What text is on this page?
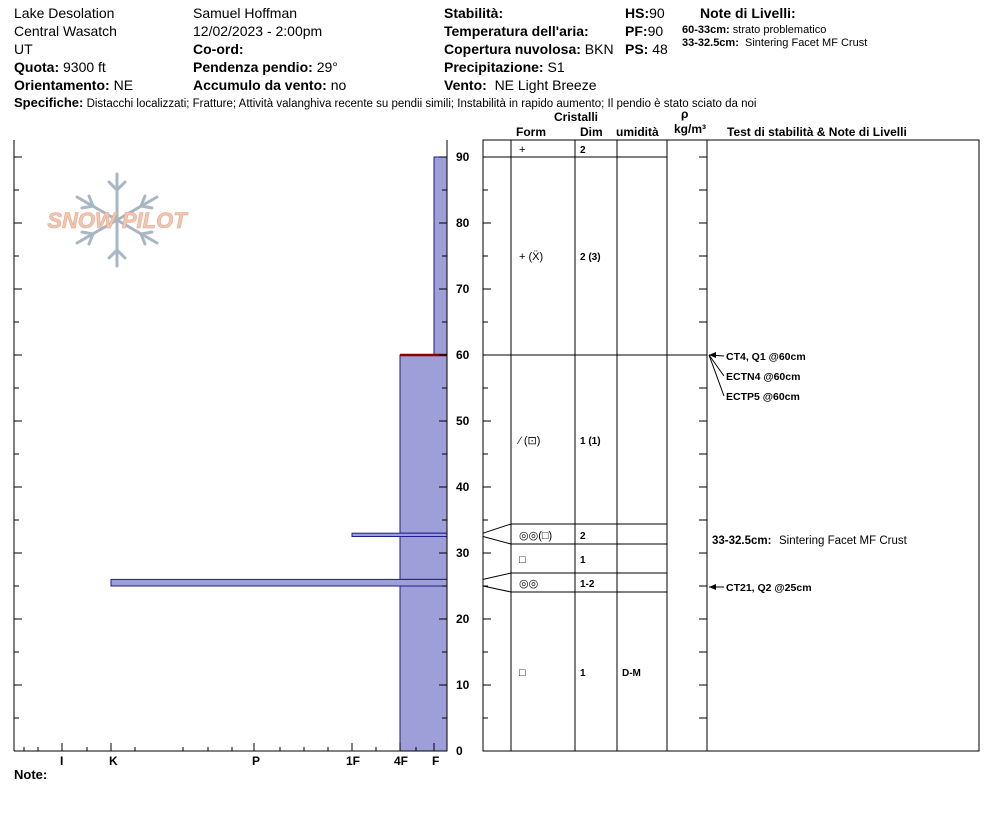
Lake Desolation
Central Wasatch
UT
Quota: 9300 ft
Orientamento: NE
Samuel Hoffman
12/02/2023 - 2:00pm
Co-ord:
Pendenza pendio: 29°
Accumulo da vento: no
Stabilità:
Temperatura dell'aria:
Copertura nuvolosa: BKN
Precipitazione: S1
Vento: NE Light Breeze
HS:90
PF:90
PS: 48
Note di Livelli:
60-33cm: strato problematico
33-32.5cm: Sintering Facet MF Crust
Specifiche: Distacchi localizzati; Fratture; Attività valanghiva recente su pendii simili; Instabilità in rapido aumento; Il pendio è stato sciato da noi
Cristalli
Form	Dim umidità
ρ
kg/m³ Test di stabilità & Note di Livelli
SNOW PILOT
I	K	P	1F	4F F
0
10
20
30
40
50
60
70
80
90	+	2
+ (Ẍ)	2 (3)
⁄ (⊡)	1 (1)
◎◎(□)	2
□	1
◎◎	1-2
□	1	D-M
CT4, Q1 @60cm
ECTN4 @60cm
ECTP5 @60cm
CT21, Q2 @25cm
33-32.5cm: Sintering Facet MF Crust
Note:
